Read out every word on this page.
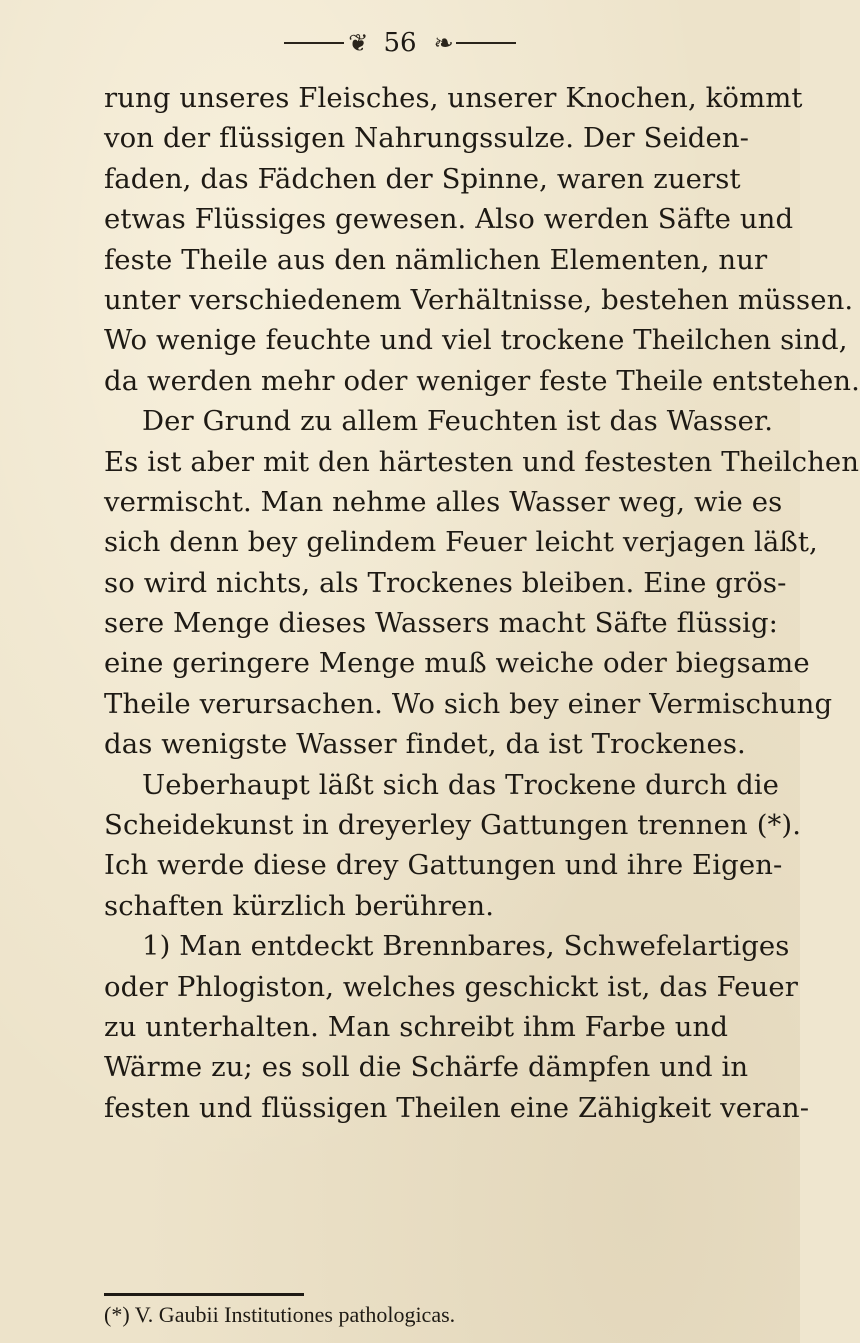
❦ 56 ❧
rung unseres Fleisches, unserer Knochen, kömmt
von der flüssigen Nahrungssulze. Der Seiden-
faden, das Fädchen der Spinne, waren zuerst
etwas Flüssiges gewesen. Also werden Säfte und
feste Theile aus den nämlichen Elementen, nur
unter verschiedenem Verhältnisse, bestehen müssen.
Wo wenige feuchte und viel trockene Theilchen sind,
da werden mehr oder weniger feste Theile entstehen.
Der Grund zu allem Feuchten ist das Wasser.
Es ist aber mit den härtesten und festesten Theilchen
vermischt. Man nehme alles Wasser weg, wie es
sich denn bey gelindem Feuer leicht verjagen läßt,
so wird nichts, als Trockenes bleiben. Eine grös-
sere Menge dieses Wassers macht Säfte flüssig:
eine geringere Menge muß weiche oder biegsame
Theile verursachen. Wo sich bey einer Vermischung
das wenigste Wasser findet, da ist Trockenes.
Ueberhaupt läßt sich das Trockene durch die
Scheidekunst in dreyerley Gattungen trennen (*).
Ich werde diese drey Gattungen und ihre Eigen-
schaften kürzlich berühren.
1) Man entdeckt Brennbares, Schwefelartiges
oder Phlogiston, welches geschickt ist, das Feuer
zu unterhalten. Man schreibt ihm Farbe und
Wärme zu; es soll die Schärfe dämpfen und in
festen und flüssigen Theilen eine Zähigkeit veran-
(*) V. Gaubii Institutiones pathologicas.
